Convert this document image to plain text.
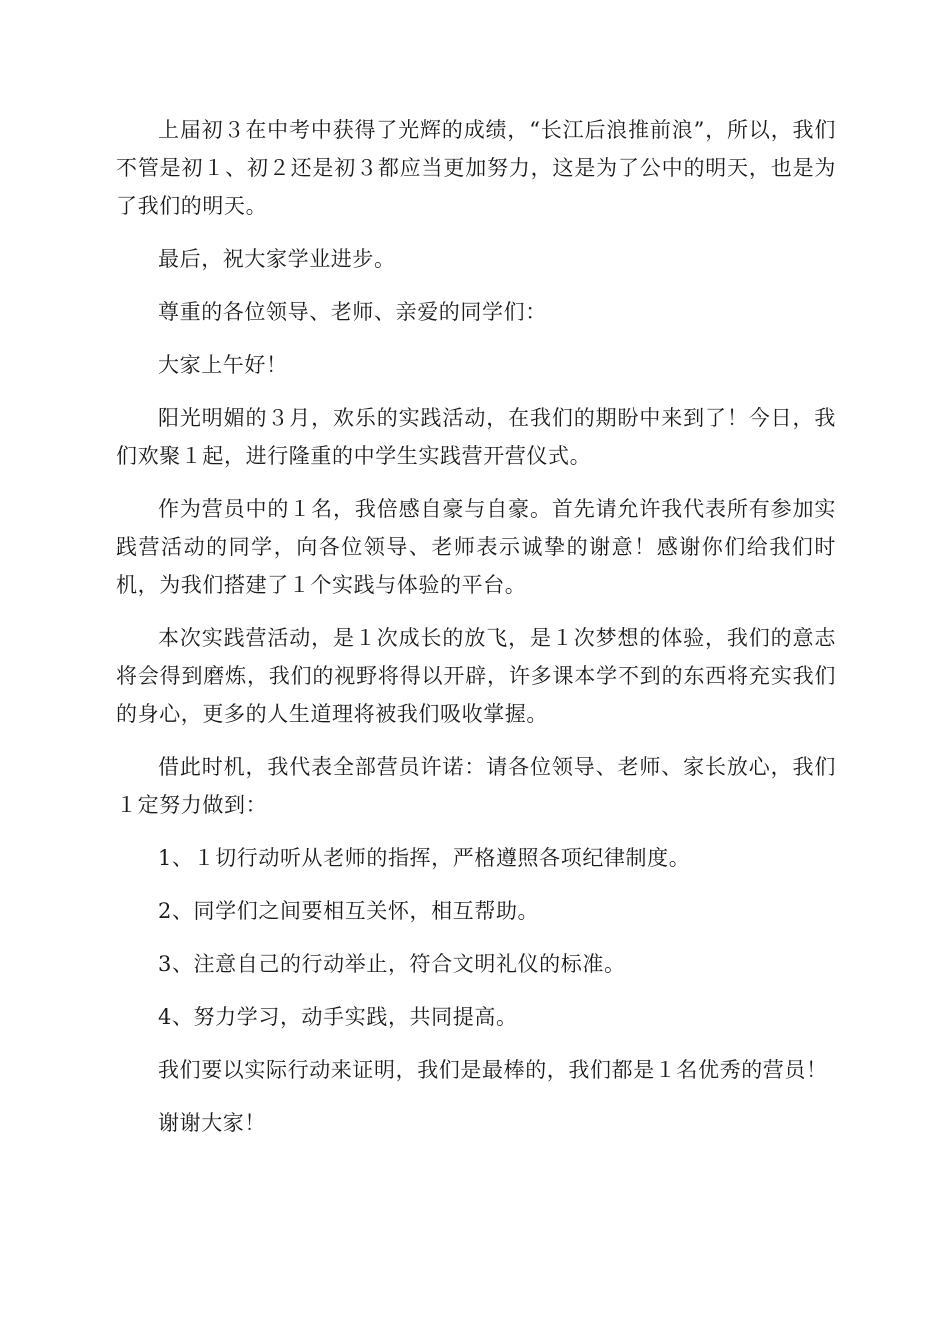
上届初３在中考中获得了光辉的成绩，“长江后浪推前浪”，所以，我们不管是初１、初２还是初３都应当更加努力，这是为了公中的明天，也是为了我们的明天。

最后，祝大家学业进步。

尊重的各位领导、老师、亲爱的同学们：

大家上午好！

阳光明媚的３月，欢乐的实践活动，在我们的期盼中来到了！今日，我们欢聚１起，进行隆重的中学生实践营开营仪式。

作为营员中的１名，我倍感自豪与自豪。首先请允许我代表所有参加实践营活动的同学，向各位领导、老师表示诚挚的谢意！感谢你们给我们时机，为我们搭建了１个实践与体验的平台。

本次实践营活动，是１次成长的放飞，是１次梦想的体验，我们的意志将会得到磨炼，我们的视野将得以开辟，许多课本学不到的东西将充实我们的身心，更多的人生道理将被我们吸收掌握。

借此时机，我代表全部营员许诺：请各位领导、老师、家长放心，我们１定努力做到：

1、１切行动听从老师的指挥，严格遵照各项纪律制度。

2、同学们之间要相互关怀，相互帮助。

3、注意自己的行动举止，符合文明礼仪的标准。

4、努力学习，动手实践，共同提高。

我们要以实际行动来证明，我们是最棒的，我们都是１名优秀的营员！

谢谢大家！
